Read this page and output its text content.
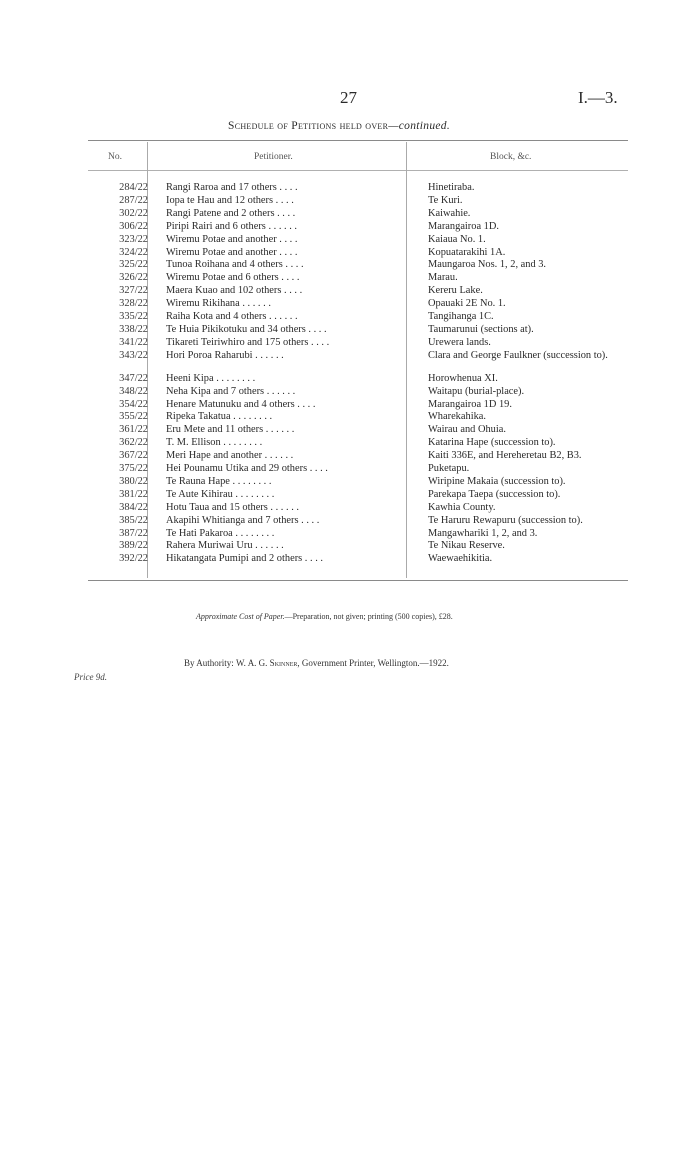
27	I.—3.
Schedule of Petitions held over—continued.
No.	Petitioner.	Block, &c.
284/22	Rangi Raroa and 17 others . . . .	Hinetiraba.
287/22	Iopa te Hau and 12 others . . . .	Te Kuri.
302/22	Rangi Patene and 2 others . . . .	Kaiwahie.
306/22	Piripi Rairi and 6 others . . . . . .	Marangairoa 1D.
323/22	Wiremu Potae and another . . . .	Kaiaua No. 1.
324/22	Wiremu Potae and another . . . .	Kopuatarakihi 1A.
325/22	Tunoa Roihana and 4 others . . . .	Maungaroa Nos. 1, 2, and 3.
326/22	Wiremu Potae and 6 others . . . .	Marau.
327/22	Maera Kuao and 102 others . . . .	Kereru Lake.
328/22	Wiremu Rikihana . . . . . .	Opauaki 2E No. 1.
335/22	Raiha Kota and 4 others . . . . . .	Tangihanga 1C.
338/22	Te Huia Pikikotuku and 34 others . . . .	Taumarunui (sections at).
341/22	Tikareti Teiriwhiro and 175 others . . . .	Urewera lands.
343/22	Hori Poroa Raharubi . . . . . .	Clara and George Faulkner (succession to).

347/22	Heeni Kipa . . . . . . . .	Horowhenua XI.
348/22	Neha Kipa and 7 others . . . . . .	Waitapu (burial-place).
354/22	Henare Matunuku and 4 others . . . .	Marangairoa 1D 19.
355/22	Ripeka Takatua . . . . . . . .	Wharekahika.
361/22	Eru Mete and 11 others . . . . . .	Wairau and Ohuia.
362/22	T. M. Ellison . . . . . . . .	Katarina Hape (succession to).
367/22	Meri Hape and another . . . . . .	Kaiti 336E, and Hereheretau B2, B3.
375/22	Hei Pounamu Utika and 29 others . . . .	Puketapu.
380/22	Te Rauna Hape . . . . . . . .	Wiripine Makaia (succession to).
381/22	Te Aute Kihirau . . . . . . . .	Parekapa Taepa (succession to).
384/22	Hotu Taua and 15 others . . . . . .	Kawhia County.
385/22	Akapihi Whitianga and 7 others . . . .	Te Haruru Rewapuru (succession to).
387/22	Te Hati Pakaroa . . . . . . . .	Mangawhariki 1, 2, and 3.
389/22	Rahera Muriwai Uru . . . . . .	Te Nikau Reserve.
392/22	Hikatangata Pumipi and 2 others . . . .	Waewaehikitia.
Approximate Cost of Paper.—Preparation, not given; printing (500 copies), £28.
By Authority: W. A. G. Skinner, Government Printer, Wellington.—1922.
Price 9d.
